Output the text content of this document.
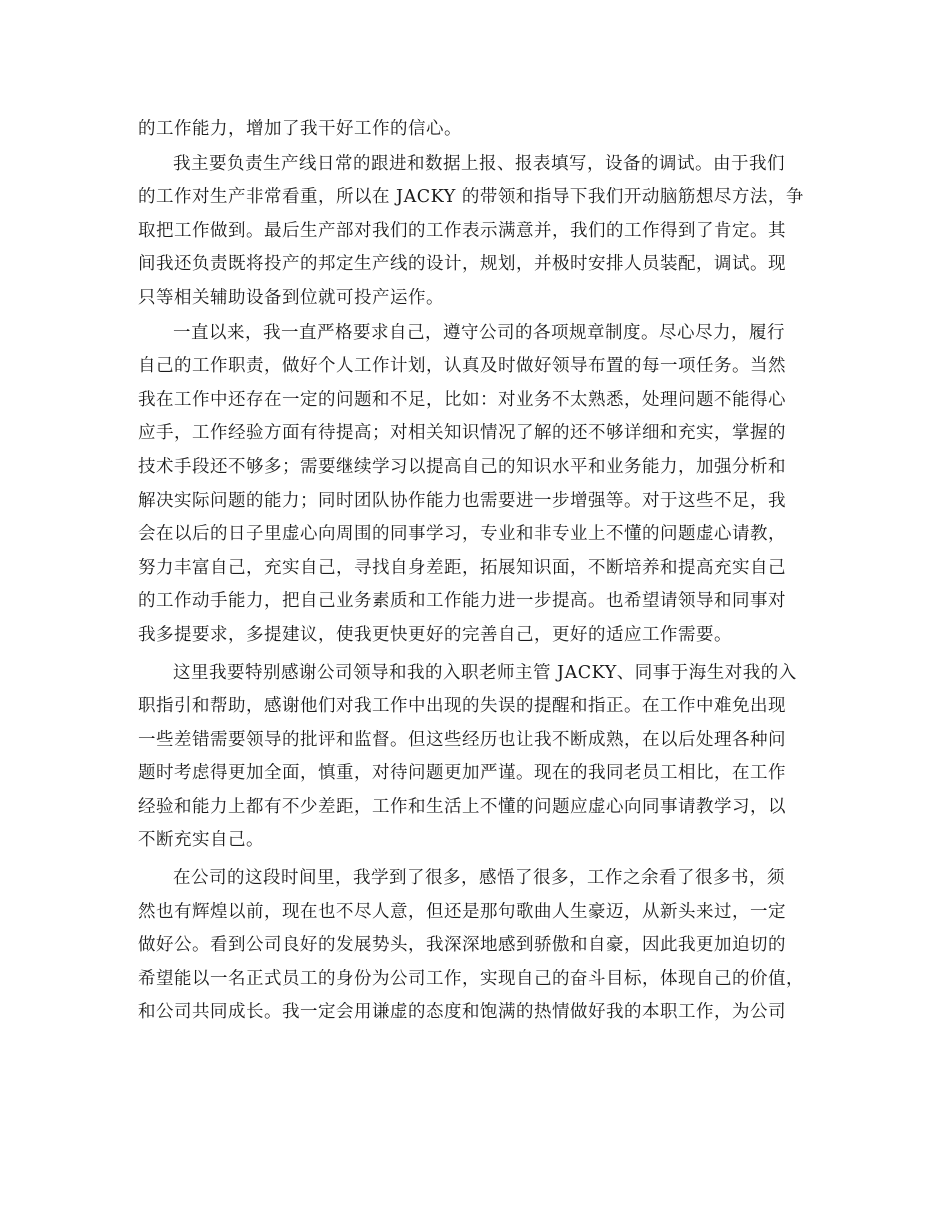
的工作能力，增加了我干好工作的信心。

我主要负责生产线日常的跟进和数据上报、报表填写，设备的调试。由于我们
的工作对生产非常看重，所以在 JACKY 的带领和指导下我们开动脑筋想尽方法，争
取把工作做到。最后生产部对我们的工作表示满意并，我们的工作得到了肯定。其
间我还负责既将投产的邦定生产线的设计，规划，并极时安排人员装配，调试。现
只等相关辅助设备到位就可投产运作。

一直以来，我一直严格要求自己，遵守公司的各项规章制度。尽心尽力，履行
自己的工作职责，做好个人工作计划，认真及时做好领导布置的每一项任务。当然
我在工作中还存在一定的问题和不足，比如：对业务不太熟悉，处理问题不能得心
应手，工作经验方面有待提高；对相关知识情况了解的还不够详细和充实，掌握的
技术手段还不够多；需要继续学习以提高自己的知识水平和业务能力，加强分析和
解决实际问题的能力；同时团队协作能力也需要进一步增强等。对于这些不足，我
会在以后的日子里虚心向周围的同事学习，专业和非专业上不懂的问题虚心请教，
努力丰富自己，充实自己，寻找自身差距，拓展知识面，不断培养和提高充实自己
的工作动手能力，把自己业务素质和工作能力进一步提高。也希望请领导和同事对
我多提要求，多提建议，使我更快更好的完善自己，更好的适应工作需要。

这里我要特别感谢公司领导和我的入职老师主管 JACKY、同事于海生对我的入
职指引和帮助，感谢他们对我工作中出现的失误的提醒和指正。在工作中难免出现
一些差错需要领导的批评和监督。但这些经历也让我不断成熟，在以后处理各种问
题时考虑得更加全面，慎重，对待问题更加严谨。现在的我同老员工相比，在工作
经验和能力上都有不少差距，工作和生活上不懂的问题应虚心向同事请教学习，以
不断充实自己。

在公司的这段时间里，我学到了很多，感悟了很多，工作之余看了很多书，须
然也有辉煌以前，现在也不尽人意，但还是那句歌曲人生豪迈，从新头来过，一定
做好公。看到公司良好的发展势头，我深深地感到骄傲和自豪，因此我更加迫切的
希望能以一名正式员工的身份为公司工作，实现自己的奋斗目标，体现自己的价值，
和公司共同成长。我一定会用谦虚的态度和饱满的热情做好我的本职工作，为公司
